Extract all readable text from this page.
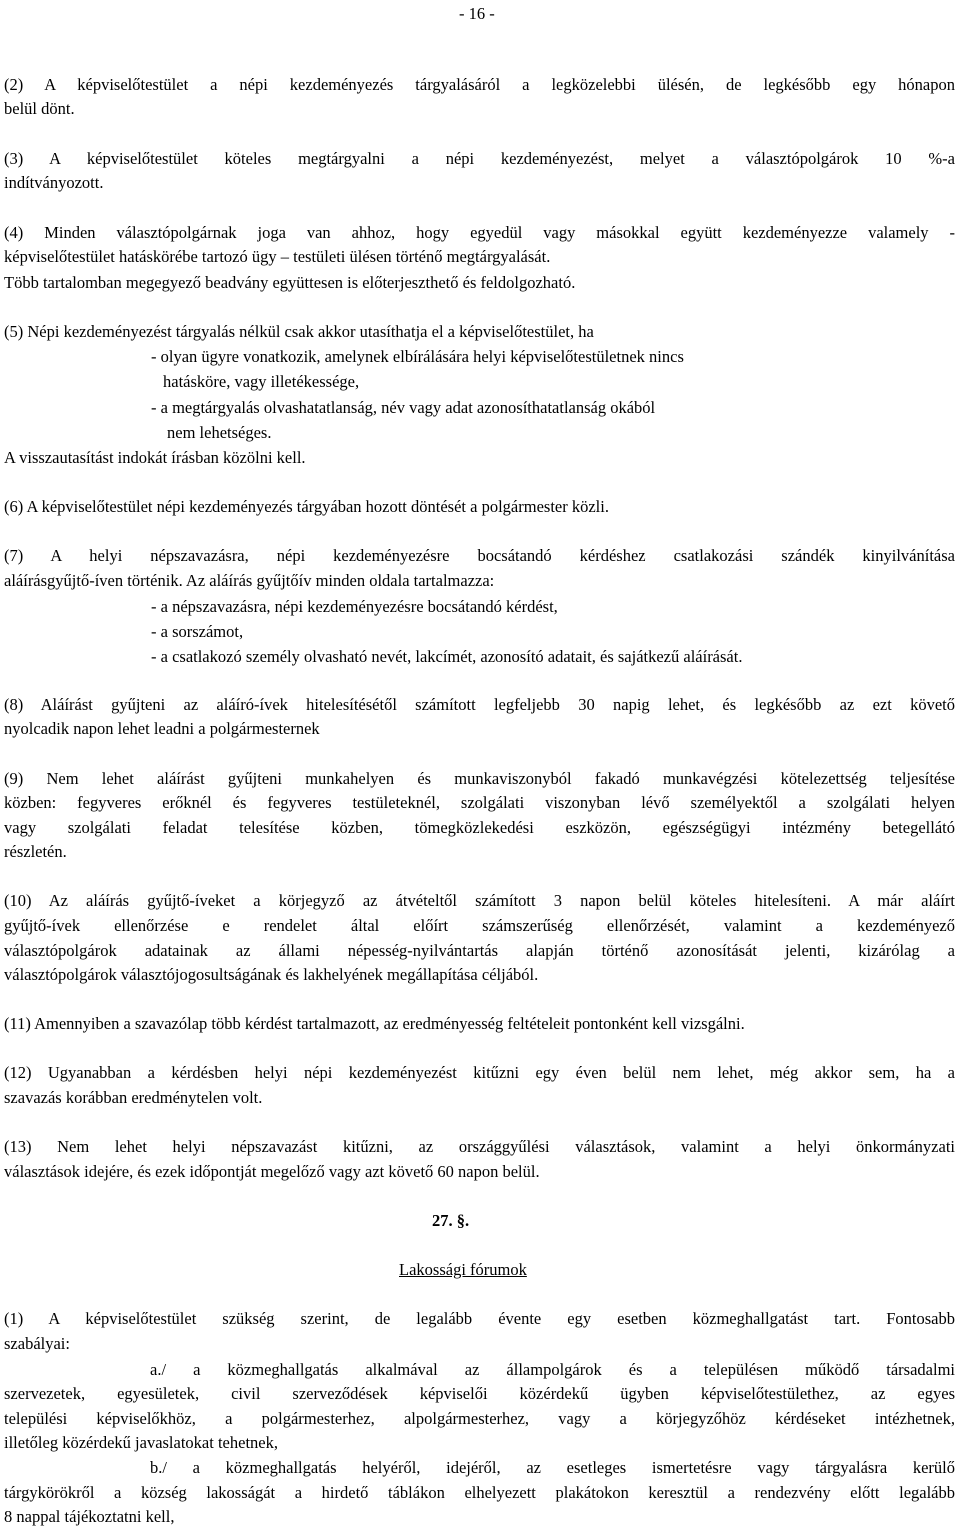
- 16 -
(2) A képviselőtestület a népi kezdeményezés tárgyalásáról a legközelebbi ülésén, de legkésőbb egy hónapon
belül dönt.
(3) A képviselőtestület köteles megtárgyalni a népi kezdeményezést, melyet a választópolgárok 10 %-a
indítványozott.
(4) Minden választópolgárnak joga van ahhoz, hogy egyedül vagy másokkal együtt kezdeményezze valamely -
képviselőtestület hatáskörébe tartozó ügy – testületi ülésen történő megtárgyalását.
Több tartalomban megegyező beadvány együttesen is előterjeszthető és feldolgozható.
(5) Népi kezdeményezést tárgyalás nélkül csak akkor utasíthatja el a képviselőtestület, ha
- olyan ügyre vonatkozik, amelynek elbírálására helyi képviselőtestületnek nincs
hatásköre, vagy illetékessége,
- a megtárgyalás olvashatatlanság, név vagy adat azonosíthatatlanság okából
nem lehetséges.
A visszautasítást indokát írásban közölni kell.
(6) A képviselőtestület népi kezdeményezés tárgyában hozott döntését a polgármester közli.
(7) A helyi népszavazásra, népi kezdeményezésre bocsátandó kérdéshez csatlakozási szándék kinyilvánítása
aláírásgyűjtő-íven történik. Az aláírás gyűjtőív minden oldala tartalmazza:
- a népszavazásra, népi kezdeményezésre bocsátandó kérdést,
- a sorszámot,
- a csatlakozó személy olvasható nevét, lakcímét, azonosító adatait, és sajátkezű aláírását.
(8) Aláírást gyűjteni az aláíró-ívek hitelesítésétől számított legfeljebb 30 napig lehet, és legkésőbb az ezt követő
nyolcadik napon lehet leadni a polgármesternek
(9) Nem lehet aláírást gyűjteni munkahelyen és munkaviszonyból fakadó munkavégzési kötelezettség teljesítése
közben: fegyveres erőknél és fegyveres testületeknél, szolgálati viszonyban lévő személyektől a szolgálati helyen
vagy szolgálati feladat telesítése közben, tömegközlekedési eszközön, egészségügyi intézmény betegellátó
részletén.
(10) Az aláírás gyűjtő-íveket a körjegyző az átvételtől számított 3 napon belül köteles hitelesíteni. A már aláírt
gyűjtő-ívek ellenőrzése e rendelet által előírt számszerűség ellenőrzését, valamint a kezdeményező
választópolgárok adatainak az állami népesség-nyilvántartás alapján történő azonosítását jelenti, kizárólag a
választópolgárok választójogosultságának és lakhelyének megállapítása céljából.
(11) Amennyiben a szavazólap több kérdést tartalmazott, az eredményesség feltételeit pontonként kell vizsgálni.
(12) Ugyanabban a kérdésben helyi népi kezdeményezést kitűzni egy éven belül nem lehet, még akkor sem, ha a
szavazás korábban eredménytelen volt.
(13) Nem lehet helyi népszavazást kitűzni, az országgyűlési választások, valamint a helyi önkormányzati
választások idejére, és ezek időpontját megelőző vagy azt követő 60 napon belül.
27. §.
Lakossági fórumok
(1) A képviselőtestület szükség szerint, de legalább évente egy esetben közmeghallgatást tart. Fontosabb
szabályai:
a./ a közmeghallgatás alkalmával az állampolgárok és a településen működő társadalmi
szervezetek, egyesületek, civil szerveződések képviselői közérdekű ügyben képviselőtestülethez, az egyes
települési képviselőkhöz, a polgármesterhez, alpolgármesterhez, vagy a körjegyzőhöz kérdéseket intézhetnek,
illetőleg közérdekű javaslatokat tehetnek,
b./ a közmeghallgatás helyéről, idejéről, az esetleges ismertetésre vagy tárgyalásra kerülő
tárgykörökről a község lakosságát a hirdető táblákon elhelyezett plakátokon keresztül a rendezvény előtt legalább
8 nappal tájékoztatni kell,
